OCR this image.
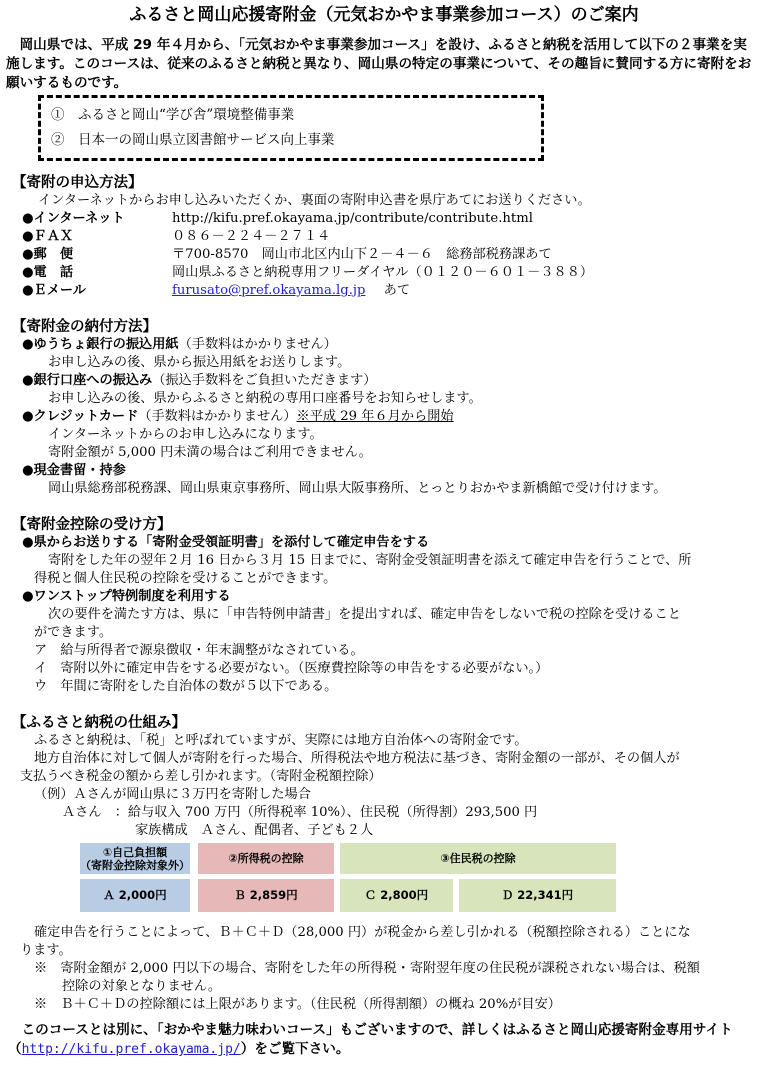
ふるさと岡山応援寄附金（元気おかやま事業参加コース）のご案内
岡山県では、平成 29 年４月から、「元気おかやま事業参加コース」を設け、ふるさと納税を活用して以下の２事業を実施します。このコースは、従来のふるさと納税と異なり、岡山県の特定の事業について、その趣旨に賛同する方に寄附をお願いするものです。
①　ふるさと岡山“学び舎”環境整備事業
②　日本一の岡山県立図書館サービス向上事業
【寄附の申込方法】
インターネットからお申し込みいただくか、裏面の寄附申込書を県庁あてにお送りください。
●インターネット	http://kifu.pref.okayama.jp/contribute/contribute.html
●ＦＡＸ	０８６－２２４－２７１４
●郵　便	〒700-8570　岡山市北区内山下２－４－６　総務部税務課あて
●電　話	岡山県ふるさと納税専用フリーダイヤル（０１２０－６０１－３８８）
●Ｅメール	furusato@pref.okayama.lg.jp あて
【寄附金の納付方法】
●ゆうちょ銀行の振込用紙（手数料はかかりません）
お申し込みの後、県から振込用紙をお送りします。
●銀行口座への振込み（振込手数料をご負担いただきます）
お申し込みの後、県からふるさと納税の専用口座番号をお知らせします。
●クレジットカード（手数料はかかりません）※平成 29 年６月から開始
インターネットからのお申し込みになります。
寄附金額が 5,000 円未満の場合はご利用できません。
●現金書留・持参
岡山県総務部税務課、岡山県東京事務所、岡山県大阪事務所、とっとりおかやま新橋館で受け付けます。
【寄附金控除の受け方】
●県からお送りする「寄附金受領証明書」を添付して確定申告をする
寄附をした年の翌年２月 16 日から３月 15 日までに、寄附金受領証明書を添えて確定申告を行うことで、所
得税と個人住民税の控除を受けることができます。
●ワンストップ特例制度を利用する
次の要件を満たす方は、県に「申告特例申請書」を提出すれば、確定申告をしないで税の控除を受けること
ができます。
ア　給与所得者で源泉徴収・年末調整がなされている。
イ　寄附以外に確定申告をする必要がない。（医療費控除等の申告をする必要がない。）
ウ　年間に寄附をした自治体の数が５以下である。
【ふるさと納税の仕組み】
ふるさと納税は、「税」と呼ばれていますが、実際には地方自治体への寄附金です。
地方自治体に対して個人が寄附を行った場合、所得税法や地方税法に基づき、寄附金額の一部が、その個人が
支払うべき税金の額から差し引かれます。（寄附金税額控除）
（例）Ａさんが岡山県に３万円を寄附した場合
Ａさん　：給与収入 700 万円（所得税率 10%）、住民税（所得割）293,500 円
家族構成　Ａさん、配偶者、子ども２人
①自己負担額
（寄附金控除対象外）	②所得税の控除	③住民税の控除
Ａ 2,000円	Ｂ 2,859円	Ｃ 2,800円	Ｄ 22,341円
確定申告を行うことによって、Ｂ＋Ｃ＋Ｄ（28,000 円）が税金から差し引かれる（税額控除される）ことにな
ります。
※　寄附金額が 2,000 円以下の場合、寄附をした年の所得税・寄附翌年度の住民税が課税されない場合は、税額
控除の対象となりません。
※　Ｂ＋Ｃ＋Ｄの控除額には上限があります。（住民税（所得割額）の概ね 20%が目安）
このコースとは別に、「おかやま魅力味わいコース」もございますので、詳しくはふるさと岡山応援寄附金専用サイト（http://kifu.pref.okayama.jp/）をご覧下さい。
